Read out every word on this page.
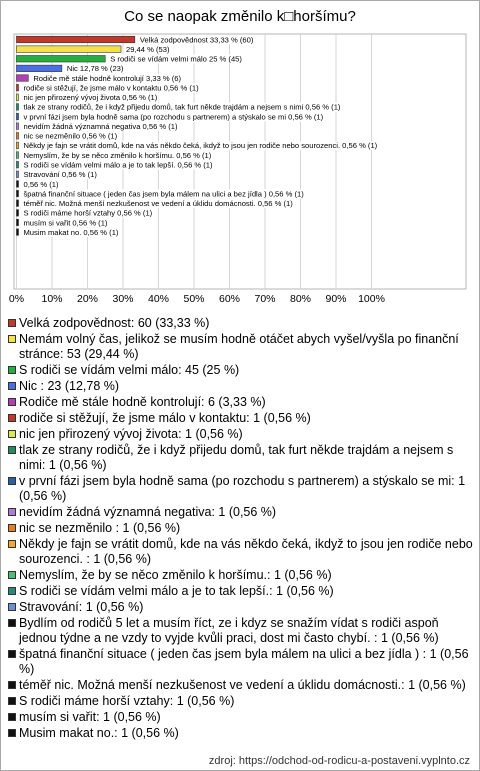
Co se naopak změnilo k□horšímu?
0% 10% 20% 30% 40% 50% 60% 70% 80% 90% 100%
Velká zodpovědnost 33,33 % (60)
29,44 % (53)
S rodiči se vídám velmi málo 25 % (45)
Nic 12,78 % (23)
Rodiče mě stále hodně kontrolují 3,33 % (6)
rodiče si stěžují, že jsme málo v kontaktu 0,56 % (1)
nic jen přirozený vývoj života 0,56 % (1)
tlak ze strany rodičů, že i když přijedu domů, tak furt někde trajdám a nejsem s nimi 0,56 % (1)
v první fázi jsem byla hodně sama (po rozchodu s partnerem) a stýskalo se mi 0,56 % (1)
nevidím žádná významná negativa 0,56 % (1)
nic se nezměnilo 0,56 % (1)
Někdy je fajn se vrátit domů, kde na vás někdo čeká, ikdyž to jsou jen rodiče nebo sourozenci. 0,56 % (1)
Nemyslím, že by se něco změnilo k horšímu. 0,56 % (1)
S rodiči se vídám velmi málo a je to tak lepší. 0,56 % (1)
Stravování 0,56 % (1)
0,56 % (1)
špatná finanční situace ( jeden čas jsem byla málem na ulici a bez jídla ) 0,56 % (1)
téměř nic. Možná menší nezkušenost ve vedení a úklidu domácnosti. 0,56 % (1)
S rodiči máme horší vztahy 0,56 % (1)
musím si vařit 0,56 % (1)
Musim makat no. 0,56 % (1)
Velká zodpovědnost: 60 (33,33 %)
Nemám volný čas, jelikož se musím hodně otáčet abych vyšel/vyšla po finanční stránce: 53 (29,44 %)
S rodiči se vídám velmi málo: 45 (25 %)
Nic : 23 (12,78 %)
Rodiče mě stále hodně kontrolují: 6 (3,33 %)
rodiče si stěžují, že jsme málo v kontaktu: 1 (0,56 %)
nic jen přirozený vývoj života: 1 (0,56 %)
tlak ze strany rodičů, že i když přijedu domů, tak furt někde trajdám a nejsem s nimi: 1 (0,56 %)
v první fázi jsem byla hodně sama (po rozchodu s partnerem) a stýskalo se mi: 1 (0,56 %)
nevidím žádná významná negativa: 1 (0,56 %)
nic se nezměnilo : 1 (0,56 %)
Někdy je fajn se vrátit domů, kde na vás někdo čeká, ikdyž to jsou jen rodiče nebo sourozenci. : 1 (0,56 %)
Nemyslím, že by se něco změnilo k horšímu.: 1 (0,56 %)
S rodiči se vídám velmi málo a je to tak lepší.: 1 (0,56 %)
Stravování: 1 (0,56 %)
Bydlím od rodičů 5 let a musím říct, ze i kdyz se snažím vídat s rodiči aspoň jednou týdne a ne vzdy to vyjde kvůli praci, dost mi často chybí. : 1 (0,56 %)
špatná finanční situace ( jeden čas jsem byla málem na ulici a bez jídla ) : 1 (0,56 %)
téměř nic. Možná menší nezkušenost ve vedení a úklidu domácnosti.: 1 (0,56 %)
S rodiči máme horší vztahy: 1 (0,56 %)
musím si vařit: 1 (0,56 %)
Musim makat no.: 1 (0,56 %)
zdroj: https://odchod-od-rodicu-a-postaveni.vyplnto.cz
